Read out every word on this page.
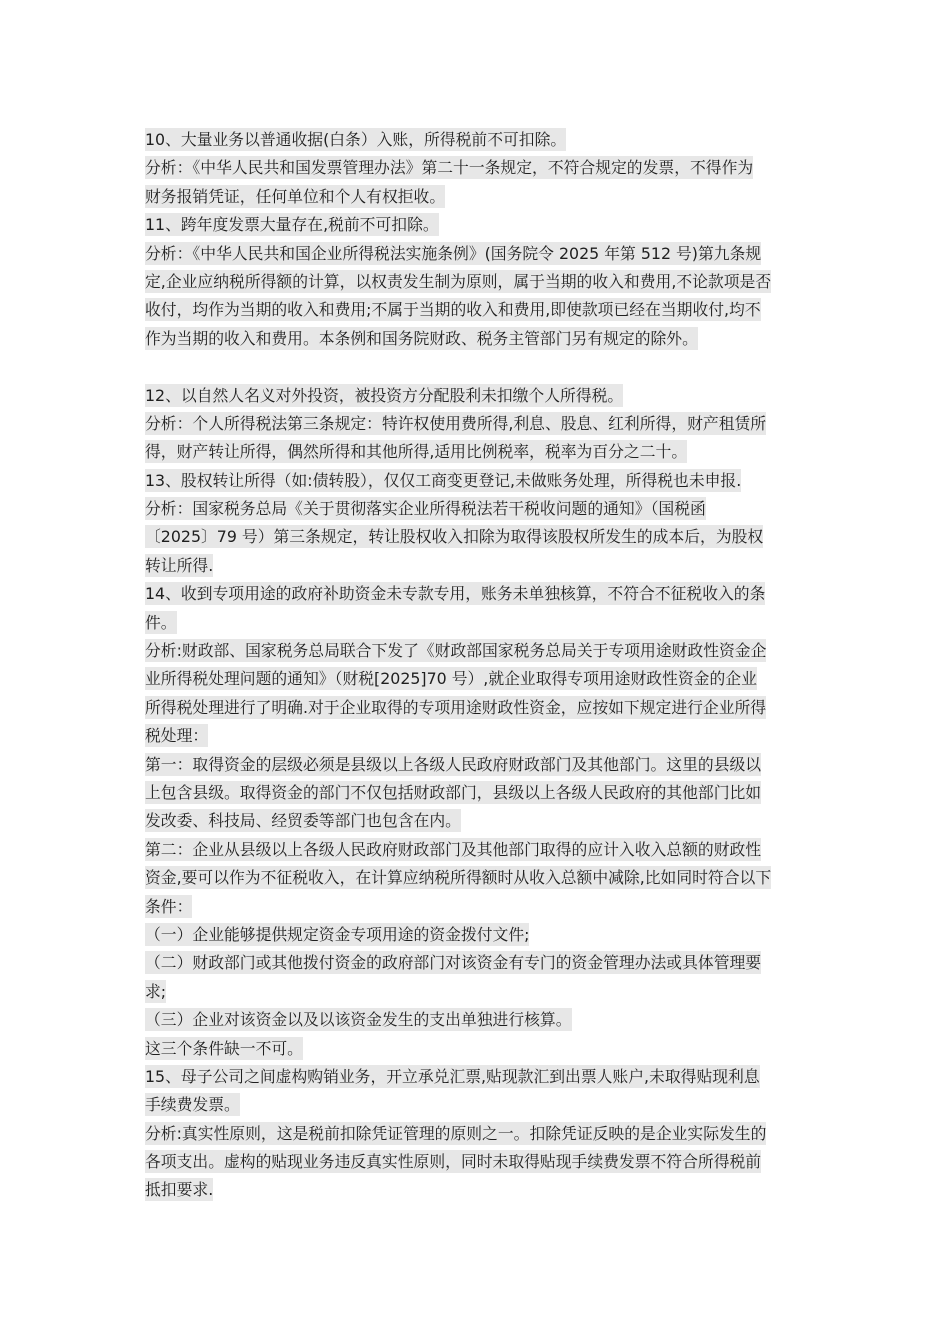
10、大量业务以普通收据(白条）入账，所得税前不可扣除。
分析：《中华人民共和国发票管理办法》第二十一条规定，不符合规定的发票，不得作为
财务报销凭证，任何单位和个人有权拒收。
11、跨年度发票大量存在,税前不可扣除。
分析：《中华人民共和国企业所得税法实施条例》(国务院令 2025 年第 512 号)第九条规
定,企业应纳税所得额的计算，以权责发生制为原则，属于当期的收入和费用,不论款项是否
收付，均作为当期的收入和费用;不属于当期的收入和费用,即使款项已经在当期收付,均不
作为当期的收入和费用。本条例和国务院财政、税务主管部门另有规定的除外。
12、以自然人名义对外投资，被投资方分配股利未扣缴个人所得税。
分析：个人所得税法第三条规定：特许权使用费所得,利息、股息、红利所得，财产租赁所
得，财产转让所得，偶然所得和其他所得,适用比例税率，税率为百分之二十。
13、股权转让所得（如:债转股），仅仅工商变更登记,未做账务处理，所得税也未申报.
分析：国家税务总局《关于贯彻落实企业所得税法若干税收问题的通知》（国税函
〔2025〕79 号）第三条规定，转让股权收入扣除为取得该股权所发生的成本后，为股权
转让所得.
14、收到专项用途的政府补助资金未专款专用，账务未单独核算，不符合不征税收入的条
件。
分析:财政部、国家税务总局联合下发了《财政部国家税务总局关于专项用途财政性资金企
业所得税处理问题的通知》（财税[2025]70 号）,就企业取得专项用途财政性资金的企业
所得税处理进行了明确.对于企业取得的专项用途财政性资金，应按如下规定进行企业所得
税处理：
第一：取得资金的层级必须是县级以上各级人民政府财政部门及其他部门。这里的县级以
上包含县级。取得资金的部门不仅包括财政部门，县级以上各级人民政府的其他部门比如
发改委、科技局、经贸委等部门也包含在内。
第二：企业从县级以上各级人民政府财政部门及其他部门取得的应计入收入总额的财政性
资金,要可以作为不征税收入，在计算应纳税所得额时从收入总额中减除,比如同时符合以下
条件：
（一）企业能够提供规定资金专项用途的资金拨付文件;
（二）财政部门或其他拨付资金的政府部门对该资金有专门的资金管理办法或具体管理要
求;
（三）企业对该资金以及以该资金发生的支出单独进行核算。
这三个条件缺一不可。
15、母子公司之间虚构购销业务，开立承兑汇票,贴现款汇到出票人账户,未取得贴现利息
手续费发票。
分析:真实性原则，这是税前扣除凭证管理的原则之一。扣除凭证反映的是企业实际发生的
各项支出。虚构的贴现业务违反真实性原则，同时未取得贴现手续费发票不符合所得税前
抵扣要求.
